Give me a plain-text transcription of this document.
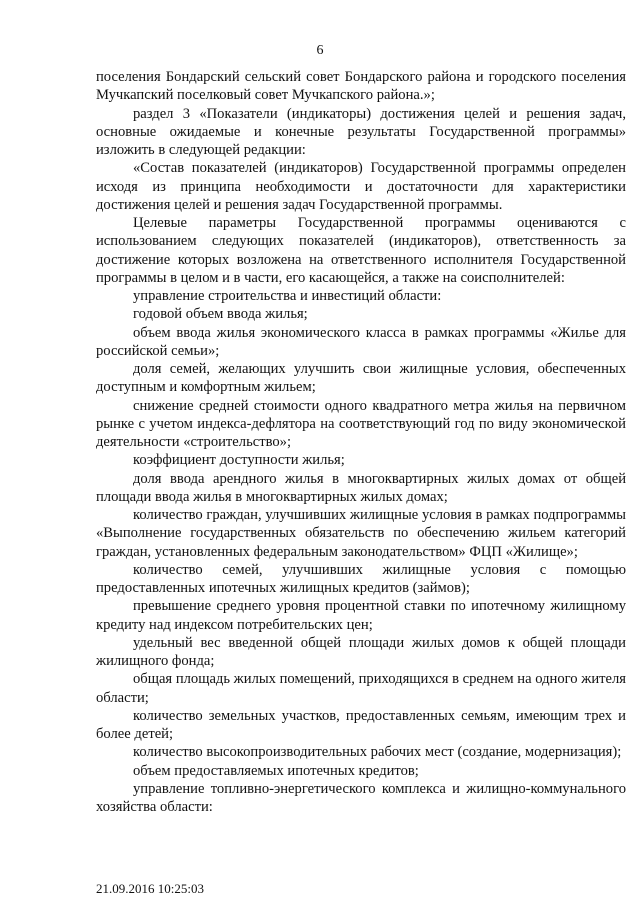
6

поселения Бондарский сельский совет Бондарского района и городского поселения Мучкапский поселковый совет Мучкапского района.»;

раздел 3 «Показатели (индикаторы) достижения целей и решения задач, основные ожидаемые и конечные результаты Государственной программы» изложить в следующей редакции:

«Состав показателей (индикаторов) Государственной программы определен исходя из принципа необходимости и достаточности для характеристики достижения целей и решения задач Государственной программы.

Целевые параметры Государственной программы оцениваются с использованием следующих показателей (индикаторов), ответственность за достижение которых возложена на ответственного исполнителя Государственной программы в целом и в части, его касающейся, а также на соисполнителей:

управление строительства и инвестиций области:

годовой объем ввода жилья;

объем ввода жилья экономического класса в рамках программы «Жилье для российской семьи»;

доля семей, желающих улучшить свои жилищные условия, обеспеченных доступным и комфортным жильем;

снижение средней стоимости одного квадратного метра жилья на первичном рынке с учетом индекса-дефлятора на соответствующий год по виду экономической деятельности «строительство»;

коэффициент доступности жилья;

доля ввода арендного жилья в многоквартирных жилых домах от общей площади ввода жилья в многоквартирных жилых домах;

количество граждан, улучшивших жилищные условия в рамках подпрограммы «Выполнение государственных обязательств по обеспечению жильем категорий граждан, установленных федеральным законодательством» ФЦП «Жилище»;

количество семей, улучшивших жилищные условия с помощью предоставленных ипотечных жилищных кредитов (займов);

превышение среднего уровня процентной ставки по ипотечному жилищному кредиту над индексом потребительских цен;

удельный вес введенной общей площади жилых домов к общей площади жилищного фонда;

общая площадь жилых помещений, приходящихся в среднем на одного жителя области;

количество земельных участков, предоставленных семьям, имеющим трех и более детей;

количество высокопроизводительных рабочих мест (создание, модернизация);

объем предоставляемых ипотечных кредитов;

управление топливно-энергетического комплекса и жилищно-коммунального хозяйства области:

21.09.2016 10:25:03
